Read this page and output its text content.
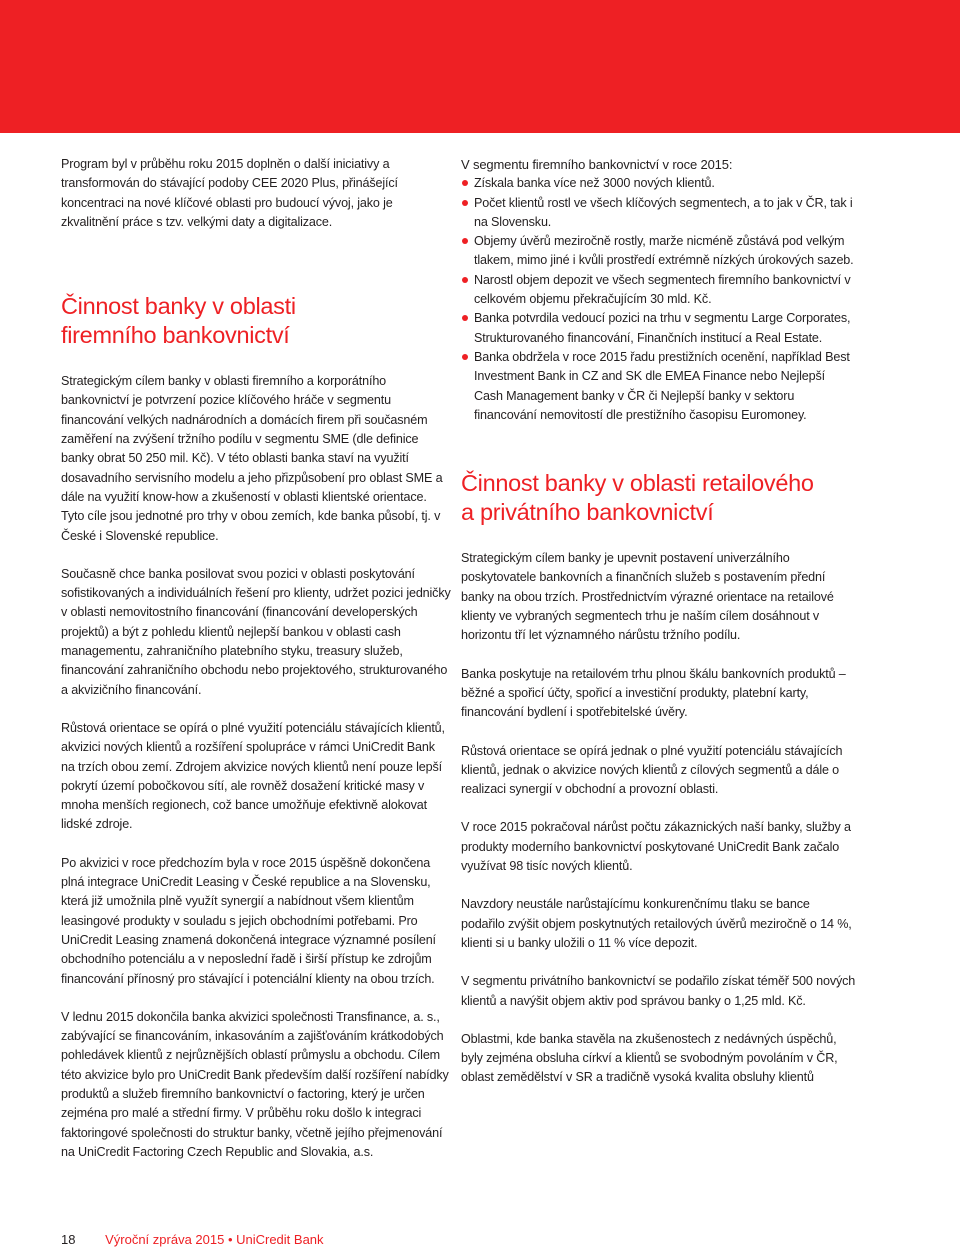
Program byl v průběhu roku 2015 doplněn o další iniciativy a transformován do stávající podoby CEE 2020 Plus, přinášející koncentraci na nové klíčové oblasti pro budoucí vývoj, jako je zkvalitnění práce s tzv. velkými daty a digitalizace.

Činnost banky v oblasti
firemního bankovnictví

Strategickým cílem banky v oblasti firemního a korporátního bankovnictví je potvrzení pozice klíčového hráče v segmentu financování velkých nadnárodních a domácích firem při současném zaměření na zvýšení tržního podílu v segmentu SME (dle definice banky obrat 50 250 mil. Kč). V této oblasti banka staví na využití dosavadního servisního modelu a jeho přizpůsobení pro oblast SME a dále na využití know-how a zkušeností v oblasti klientské orientace. Tyto cíle jsou jednotné pro trhy v obou zemích, kde banka působí, tj. v České i Slovenské republice.

Současně chce banka posilovat svou pozici v oblasti poskytování sofistikovaných a individuálních řešení pro klienty, udržet pozici jedničky v oblasti nemovitostního financování (financování developerských projektů) a být z pohledu klientů nejlepší bankou v oblasti cash managementu, zahraničního platebního styku, treasury služeb, financování zahraničního obchodu nebo projektového, strukturovaného a akvizičního financování.

Růstová orientace se opírá o plné využití potenciálu stávajících klientů, akvizici nových klientů a rozšíření spolupráce v rámci UniCredit Bank na trzích obou zemí. Zdrojem akvizice nových klientů není pouze lepší pokrytí území pobočkovou sítí, ale rovněž dosažení kritické masy v mnoha menších regionech, což bance umožňuje efektivně alokovat lidské zdroje.

Po akvizici v roce předchozím byla v roce 2015 úspěšně dokončena plná integrace UniCredit Leasing v České republice a na Slovensku, která již umožnila plně využít synergií a nabídnout všem klientům leasingové produkty v souladu s jejich obchodními potřebami. Pro UniCredit Leasing znamená dokončená integrace významné posílení obchodního potenciálu a v neposlední řadě i širší přístup ke zdrojům financování přínosný pro stávající i potenciální klienty na obou trzích.

V lednu 2015 dokončila banka akvizici společnosti Transfinance, a. s., zabývající se financováním, inkasováním a zajišťováním krátkodobých pohledávek klientů z nejrůznějších oblastí průmyslu a obchodu. Cílem této akvizice bylo pro UniCredit Bank především další rozšíření nabídky produktů a služeb firemního bankovnictví o factoring, který je určen zejména pro malé a střední firmy. V průběhu roku došlo k integraci faktoringové společnosti do struktur banky, včetně jejího přejmenování na UniCredit Factoring Czech Republic and Slovakia, a.s.

V segmentu firemního bankovnictví v roce 2015:

Získala banka více než 3000 nových klientů.
Počet klientů rostl ve všech klíčových segmentech, a to jak v ČR, tak i na Slovensku.
Objemy úvěrů meziročně rostly, marže nicméně zůstává pod velkým tlakem, mimo jiné i kvůli prostředí extrémně nízkých úrokových sazeb.
Narostl objem depozit ve všech segmentech firemního bankovnictví v celkovém objemu překračujícím 30 mld. Kč.
Banka potvrdila vedoucí pozici na trhu v segmentu Large Corporates, Strukturovaného financování, Finančních institucí a Real Estate.
Banka obdržela v roce 2015 řadu prestižních ocenění, například Best Investment Bank in CZ and SK dle EMEA Finance nebo Nejlepší Cash Management banky v ČR či Nejlepší banky v sektoru financování nemovitostí dle prestižního časopisu Euromoney.
Činnost banky v oblasti retailového
a privátního bankovnictví

Strategickým cílem banky je upevnit postavení univerzálního poskytovatele bankovních a finančních služeb s postavením přední banky na obou trzích. Prostřednictvím výrazné orientace na retailové klienty ve vybraných segmentech trhu je naším cílem dosáhnout v horizontu tří let významného nárůstu tržního podílu.

Banka poskytuje na retailovém trhu plnou škálu bankovních produktů – běžné a spořicí účty, spořicí a investiční produkty, platební karty, financování bydlení i spotřebitelské úvěry.

Růstová orientace se opírá jednak o plné využití potenciálu stávajících klientů, jednak o akvizice nových klientů z cílových segmentů a dále o realizaci synergií v obchodní a provozní oblasti.

V roce 2015 pokračoval nárůst počtu zákaznických naší banky, služby a produkty moderního bankovnictví poskytované UniCredit Bank začalo využívat 98 tisíc nových klientů.

Navzdory neustále narůstajícímu konkurenčnímu tlaku se bance podařilo zvýšit objem poskytnutých retailových úvěrů meziročně o 14 %, klienti si u banky uložili o 11 % více depozit.

V segmentu privátního bankovnictví se podařilo získat téměř 500 nových klientů a navýšit objem aktiv pod správou banky o 1,25 mld. Kč.

Oblastmi, kde banka stavěla na zkušenostech z nedávných úspěchů, byly zejména obsluha církví a klientů se svobodným povoláním v ČR, oblast zemědělství v SR a tradičně vysoká kvalita obsluhy klientů

18 Výroční zpráva 2015 • UniCredit Bank
